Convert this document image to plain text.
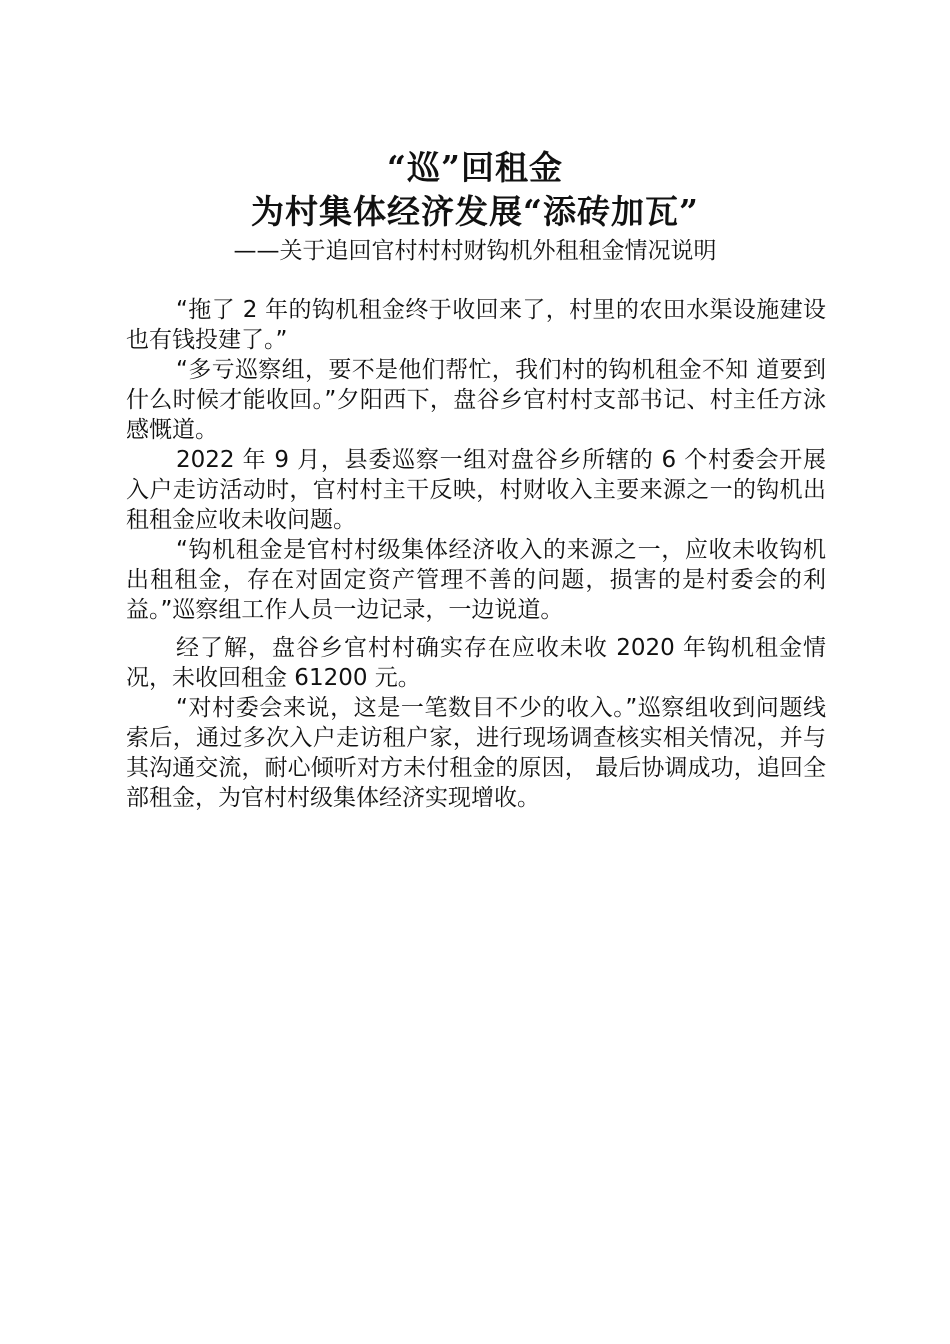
“巡”回租金
为村集体经济发展“添砖加瓦”
——关于追回官村村村财钩机外租租金情况说明

“拖了 2 年的钩机租金终于收回来了，村里的农田水渠设施建设也有钱投建了。”

“多亏巡察组，要不是他们帮忙，我们村的钩机租金不知 道要到什么时候才能收回。”夕阳西下，盘谷乡官村村支部书记、村主任方泳感慨道。

2022 年 9 月，县委巡察一组对盘谷乡所辖的 6 个村委会开展入户走访活动时，官村村主干反映，村财收入主要来源之一的钩机出租租金应收未收问题。

“钩机租金是官村村级集体经济收入的来源之一，应收未收钩机出租租金，存在对固定资产管理不善的问题，损害的是村委会的利益。”巡察组工作人员一边记录，一边说道。

经了解，盘谷乡官村村确实存在应收未收 2020 年钩机租金情况，未收回租金 61200 元。

“对村委会来说，这是一笔数目不少的收入。”巡察组收到问题线索后，通过多次入户走访租户家，进行现场调查核实相关情况，并与其沟通交流，耐心倾听对方未付租金的原因， 最后协调成功，追回全部租金，为官村村级集体经济实现增收。
